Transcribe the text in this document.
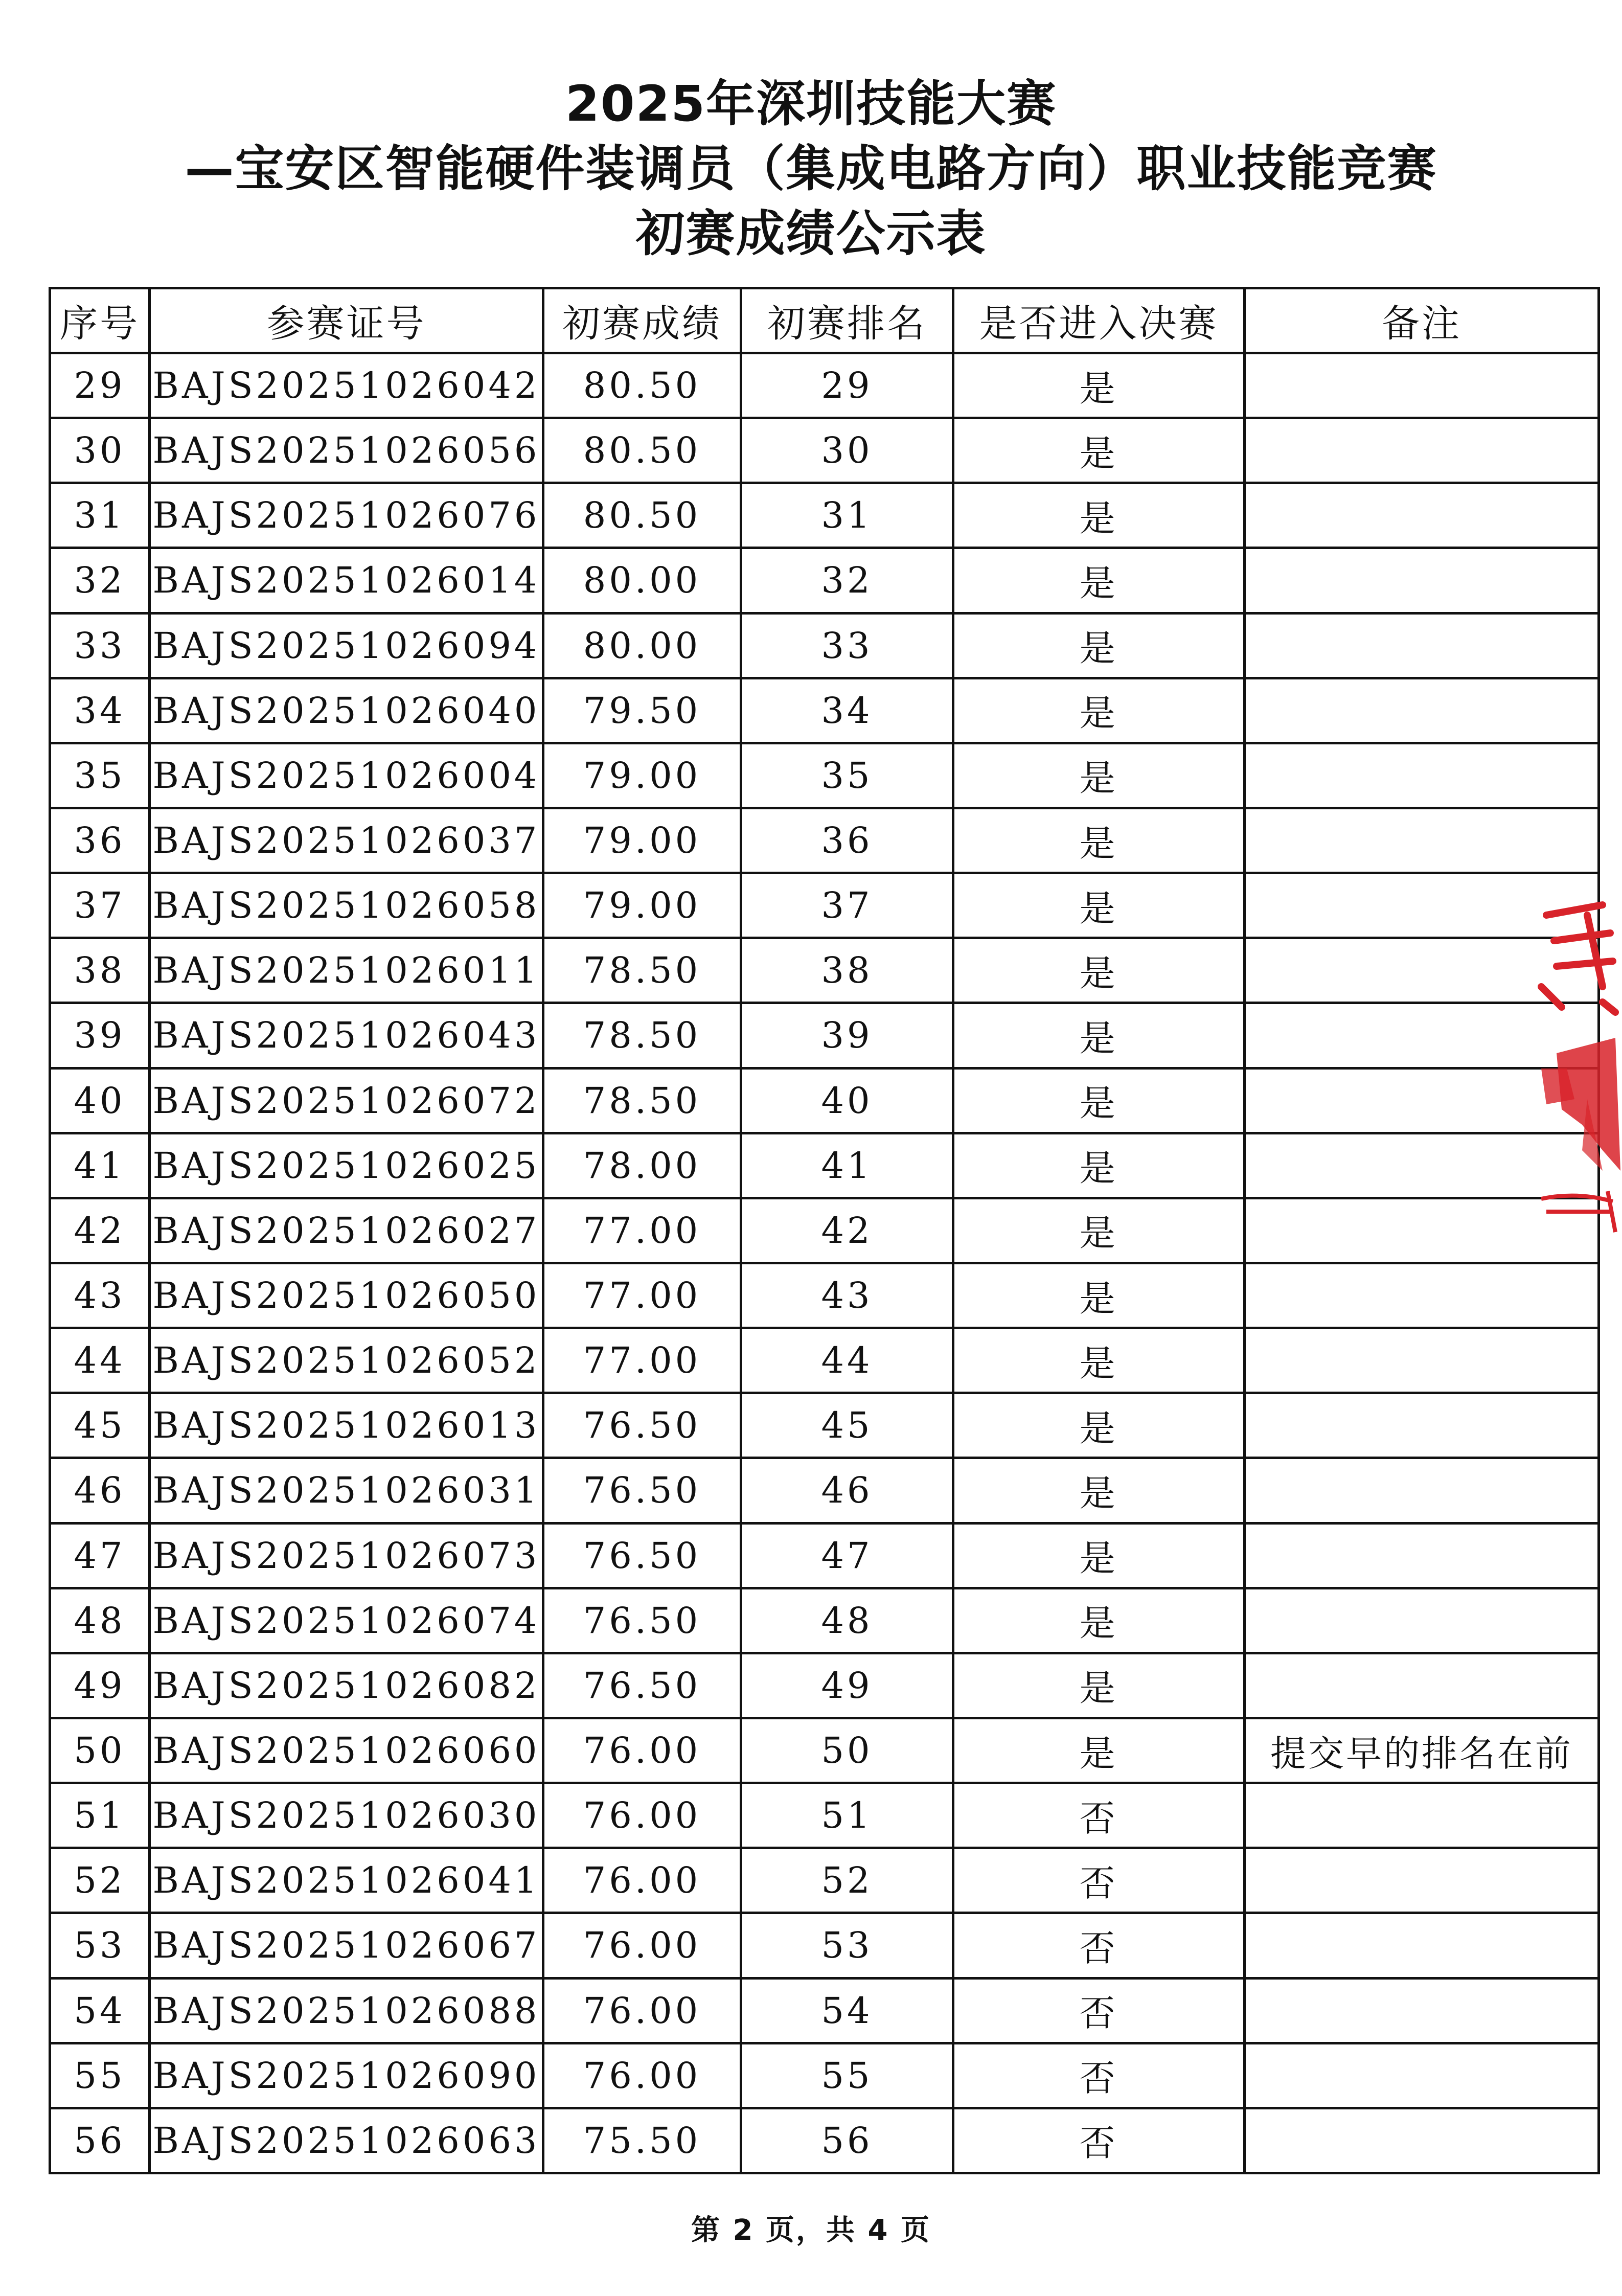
2025年深圳技能大赛
—宝安区智能硬件装调员（集成电路方向）职业技能竞赛
初赛成绩公示表
序号	参赛证号	初赛成绩	初赛排名	是否进入决赛	备注
29	BAJS20251026042	80.50	29	是	
30	BAJS20251026056	80.50	30	是	
31	BAJS20251026076	80.50	31	是	
32	BAJS20251026014	80.00	32	是	
33	BAJS20251026094	80.00	33	是	
34	BAJS20251026040	79.50	34	是	
35	BAJS20251026004	79.00	35	是	
36	BAJS20251026037	79.00	36	是	
37	BAJS20251026058	79.00	37	是	
38	BAJS20251026011	78.50	38	是	
39	BAJS20251026043	78.50	39	是	
40	BAJS20251026072	78.50	40	是	
41	BAJS20251026025	78.00	41	是	
42	BAJS20251026027	77.00	42	是	
43	BAJS20251026050	77.00	43	是	
44	BAJS20251026052	77.00	44	是	
45	BAJS20251026013	76.50	45	是	
46	BAJS20251026031	76.50	46	是	
47	BAJS20251026073	76.50	47	是	
48	BAJS20251026074	76.50	48	是	
49	BAJS20251026082	76.50	49	是	
50	BAJS20251026060	76.00	50	是	提交早的排名在前
51	BAJS20251026030	76.00	51	否	
52	BAJS20251026041	76.00	52	否	
53	BAJS20251026067	76.00	53	否	
54	BAJS20251026088	76.00	54	否	
55	BAJS20251026090	76.00	55	否	
56	BAJS20251026063	75.50	56	否	
第 2 页，共 4 页
